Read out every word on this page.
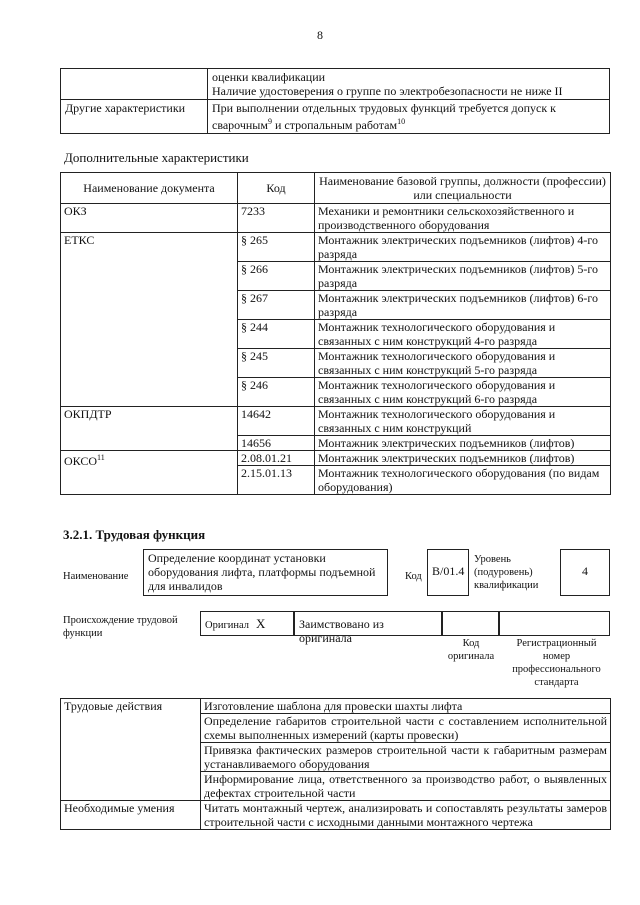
8

	оценки квалификации
Наличие удостоверения о группе по электробезопасности не ниже II

Другие характеристики	При выполнении отдельных трудовых функций требуется допуск к
сварочным$^9$ и стропальным работам$^{10}$
Дополнительные характеристики
Наименование документа	Код	Наименование базовой группы, должности (профессии) или специальности
ОКЗ	7233	Механики и ремонтники сельскохозяйственного и производственного оборудования
ЕТКС	§ 265	Монтажник электрических подъемников (лифтов) 4-го разряда
	§ 266	Монтажник электрических подъемников (лифтов) 5-го разряда
	§ 267	Монтажник электрических подъемников (лифтов) 6-го разряда
	§ 244	Монтажник технологического оборудования и связанных с ним конструкций 4-го разряда
	§ 245	Монтажник технологического оборудования и связанных с ним конструкций 5-го разряда
	§ 246	Монтажник технологического оборудования и связанных с ним конструкций 6-го разряда
ОКПДТР	14642	Монтажник технологического оборудования и связанных с ним конструкций
	14656	Монтажник электрических подъемников (лифтов)
ОКСО$^{11}$	2.08.01.21	Монтажник электрических подъемников (лифтов)
	2.15.01.13	Монтажник технологического оборудования (по видам оборудования)
3.2.1. Трудовая функция
Наименование
Определение координат установки оборудования лифта, платформы подъемной для инвалидов
Код В/01.4
Уровень (подуровень) квалификации
4
Происхождение трудовой функции
Оригинал Х	Заимствовано из оригинала	Код оригинала
Регистрационный номер профессионального стандарта
Трудовые действия	Изготовление шаблона для провески шахты лифта
	Определение габаритов строительной части с составлением исполнительной схемы выполненных измерений (карты провески)
	Привязка фактических размеров строительной части к габаритным размерам устанавливаемого оборудования
	Информирование лица, ответственного за производство работ, о выявленных дефектах строительной части
Необходимые умения	Читать монтажный чертеж, анализировать и сопоставлять результаты замеров строительной части с исходными данными монтажного чертежа
